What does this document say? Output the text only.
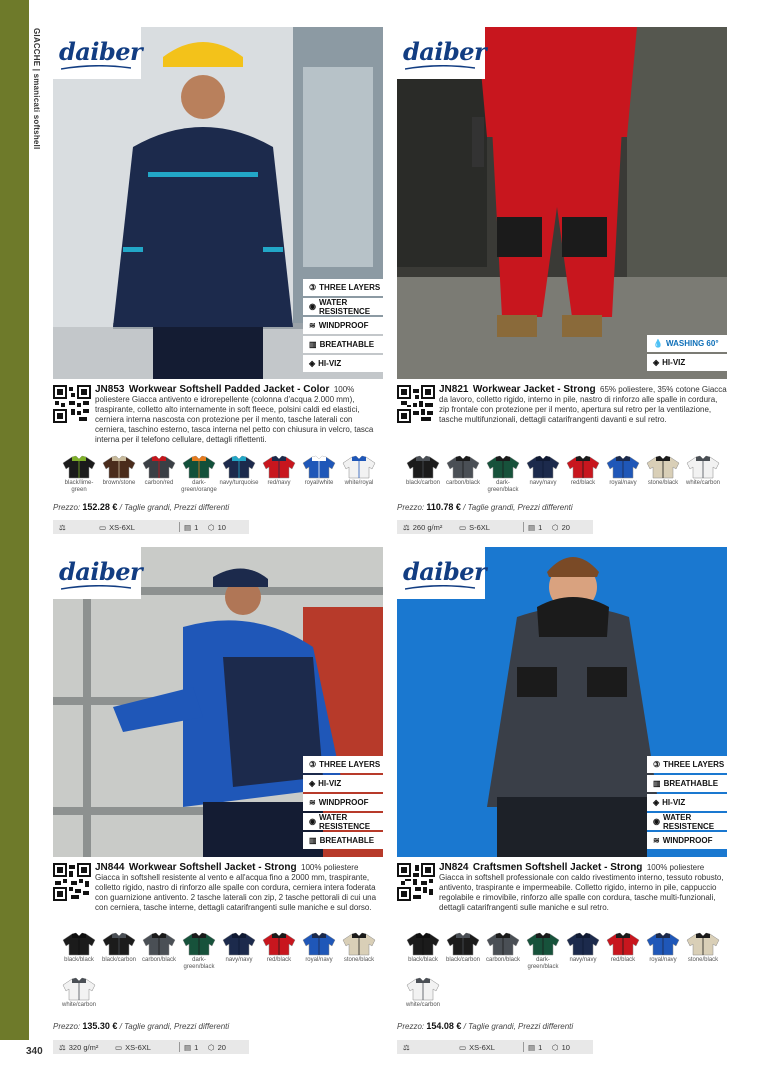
GIACCHE | smanicati softshell
340
daiber
③ THREE LAYERS
◉ WATER RESISTENCE
≋ WINDPROOF
▥ BREATHABLE
◈ HI-VIZ
JN853 Workwear Softshell Padded Jacket - Color 100% poliestere Giacca antivento e idrorepellente (colonna d'acqua 2.000 mm), traspirante, colletto alto internamente in soft fleece, polsini caldi ed elastici, cerniera interna nascosta con protezione per il mento, tasche laterali con cerniera, taschino esterno, tasca interna nel petto con chiusura in velcro, tasca interna per il telefono cellulare, dettagli riflettenti.
black/lime-green
brown/stone	carbon/red	dark-green/orange
navy/turquoise	red/navy	royal/white	white/royal
Prezzo: 152.28 € / Taglie grandi, Prezzi differenti
⚖	▭ XS-6XL	▤ 1 ⬡ 10
daiber
💧 WASHING 60°
◈ HI-VIZ
JN821 Workwear Jacket - Strong 65% poliestere, 35% cotone Giacca da lavoro, colletto rigido, interno in pile, nastro di rinforzo alle spalle in cordura, zip frontale con protezione per il mento, apertura sul retro per la ventilazione, tasche multifunzionali, dettagli catarifrangenti davanti e sul retro.
black/carbon carbon/black	dark-green/black
navy/navy	red/black	royal/navy	stone/black	white/carbon
Prezzo: 110.78 € / Taglie grandi, Prezzi differenti
⚖ 260 g/m² ▭ S-6XL	▤ 1 ⬡ 20
daiber
③ THREE LAYERS
◈ HI-VIZ
≋ WINDPROOF
◉ WATER RESISTENCE
▥ BREATHABLE
JN844 Workwear Softshell Jacket - Strong 100% poliestere Giacca in softshell resistente al vento e all'acqua fino a 2000 mm, traspirante, colletto rigido, nastro di rinforzo alle spalle con cordura, cerniera intera foderata con guarnizione antivento. 2 tasche laterali con zip, 2 tasche pettorali di cui una con cerniera, tasche interne, dettagli catarifrangenti sulle maniche e sul dorso.
black/black	black/carbon carbon/black	dark-green/black
navy/navy	red/black	royal/navy	stone/black
white/carbon
Prezzo: 135.30 € / Taglie grandi, Prezzi differenti
⚖ 320 g/m² ▭ XS-6XL	▤ 1 ⬡ 20
daiber
③ THREE LAYERS
▥ BREATHABLE
◈ HI-VIZ
◉ WATER RESISTENCE
≋ WINDPROOF
JN824 Craftsmen Softshell Jacket - Strong 100% poliestere Giacca in softshell professionale con caldo rivestimento interno, tessuto robusto, antivento, traspirante e impermeabile. Colletto rigido, interno in pile, cappuccio regolabile e rimovibile, rinforzo alle spalle con cordura, tasche multi-funzionali, dettagli catarifrangenti sulle maniche e sul retro.
black/black	black/carbon carbon/black	dark-green/black
navy/navy	red/black	royal/navy	stone/black
white/carbon
Prezzo: 154.08 € / Taglie grandi, Prezzi differenti
⚖	▭ XS-6XL	▤ 1 ⬡ 10
